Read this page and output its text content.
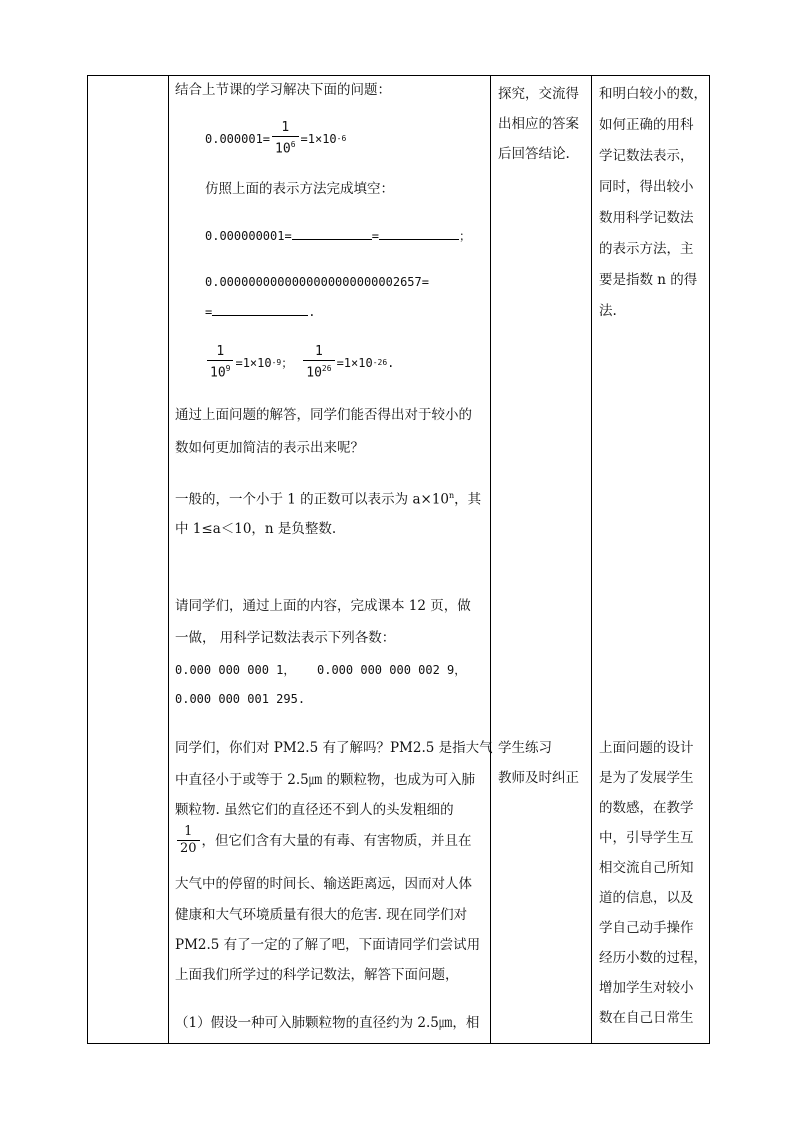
结合上节课的学习解决下面的问题：
$0.000001= \frac{1}{10^6} =1\times 10$ -6
仿照上面的表示方法完成填空：
0.000000001=	=	；
0.0000000000000000000000002657=
=	.
$\frac{1}{10^9} =1\times 10$ -9 ； $\frac{1}{10^{26}} =1\times 10$ -26 .
通过上面问题的解答，同学们能否得出对于较小的
数如何更加简洁的表示出来呢？
一般的，一个小于 1 的正数可以表示为 $a\times 10^n$，其
中 1≤a＜10，n 是负整数.
请同学们，通过上面的内容，完成课本 12 页，做
一做， 用科学记数法表示下列各数：
0.000 000 000 1， 0.000 000 000 002 9，
0.000 000 001 295.
同学们，你们对 PM2.5 有了解吗？PM2.5 是指大气
中直径小于或等于 2.5㎛ 的颗粒物，也成为可入肺
颗粒物. 虽然它们的直径还不到人的头发粗细的
$\frac{1}{20}$ ，但它们含有大量的有毒、有害物质，并且在
大气中的停留的时间长、输送距离远，因而对人体
健康和大气环境质量有很大的危害. 现在同学们对
PM2.5 有了一定的了解了吧，下面请同学们尝试用
上面我们所学过的科学记数法，解答下面问题，
（1）假设一种可入肺颗粒物的直径约为 2.5㎛，相

探究，交流得
出相应的答案
后回答结论.
学生练习
教师及时纠正

和明白较小的数，
如何正确的用科
学记数法表示，
同时，得出较小
数用科学记数法
的表示方法，主
要是指数 n 的得
法.
上面问题的设计
是为了发展学生
的数感，在教学
中，引导学生互
相交流自己所知
道的信息，以及
学自己动手操作
经历小数的过程，
增加学生对较小
数在自己日常生
